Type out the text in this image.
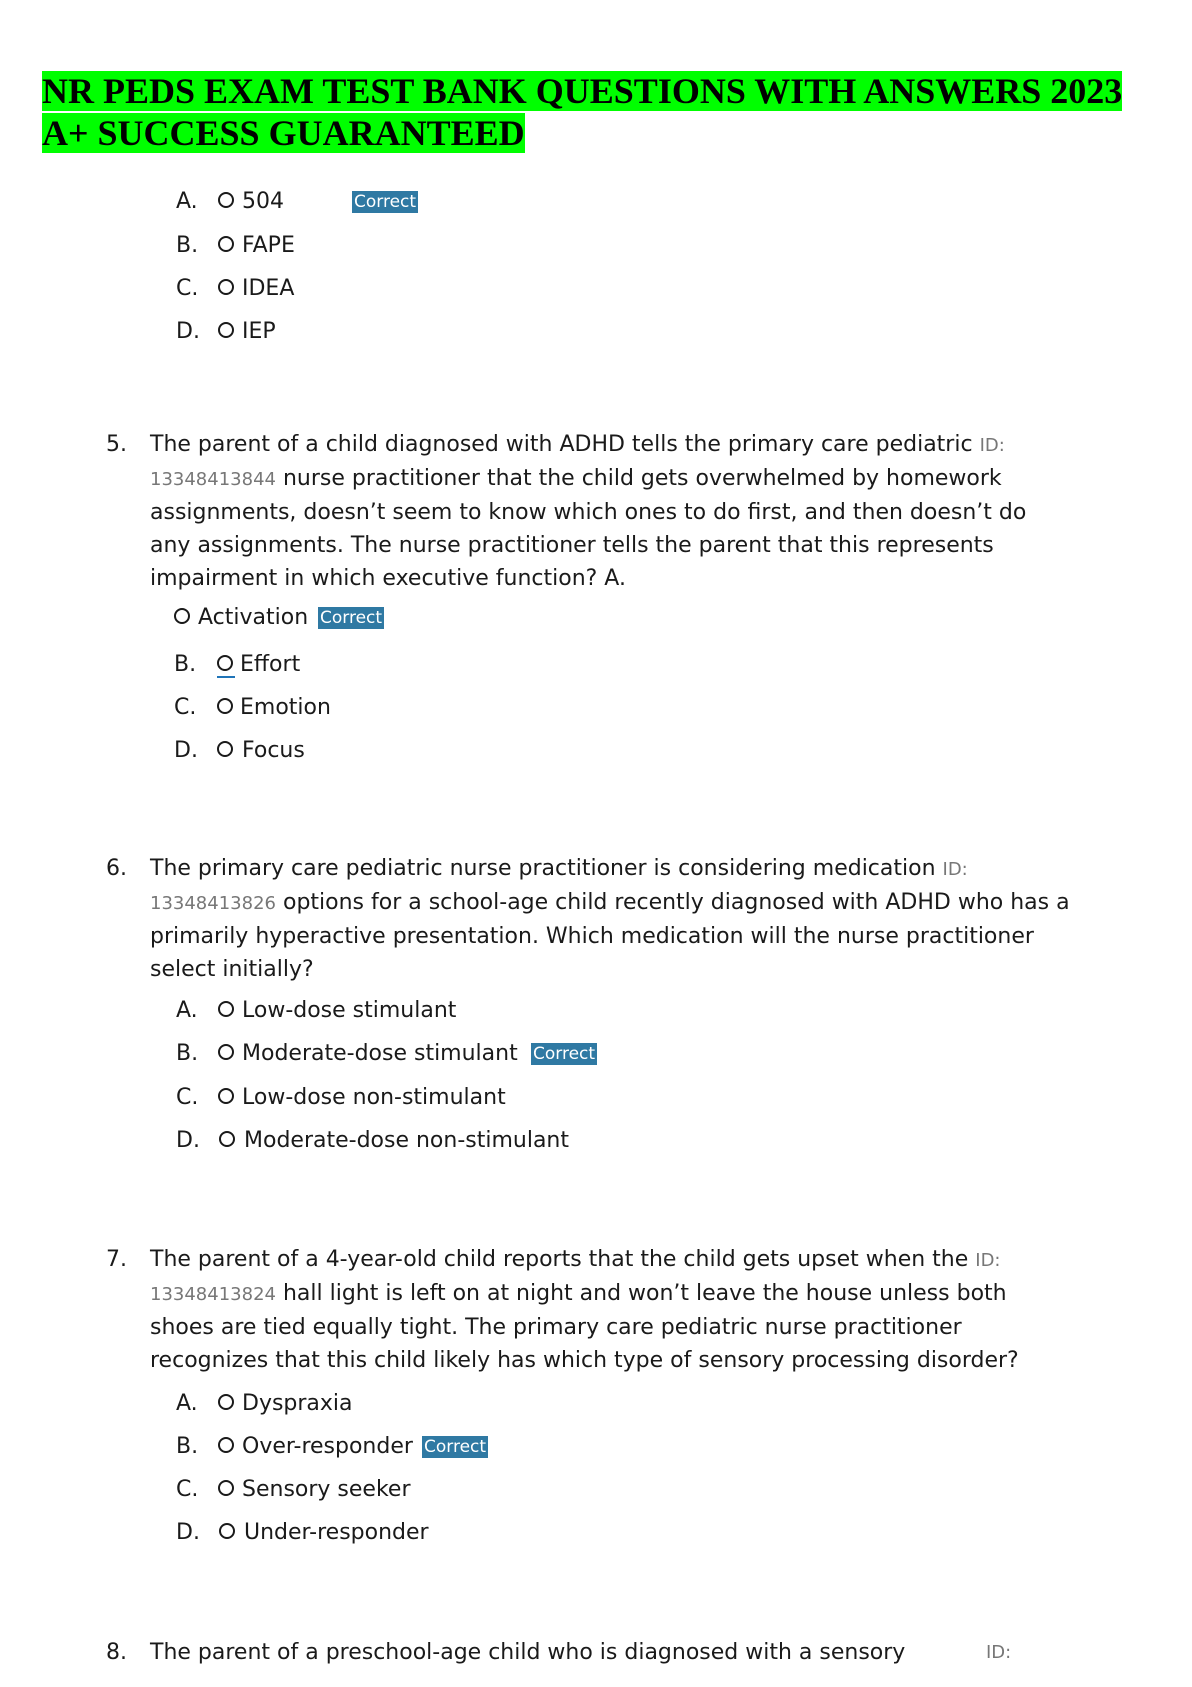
NR PEDS EXAM TEST BANK QUESTIONS WITH ANSWERS 2023
A+ SUCCESS GUARANTEED
A. 504	Correct
B. FAPE
C. IDEA
D. IEP
5. The parent of a child diagnosed with ADHD tells the primary care pediatric ID:
13348413844 nurse practitioner that the child gets overwhelmed by homework assignments, doesn’t seem to know which ones to do first, and then doesn’t do any assignments. The nurse practitioner tells the parent that this represents impairment in which executive function? A.
Activation Correct
B. Effort
C. Emotion
D. Focus
6. The primary care pediatric nurse practitioner is considering medication ID:
13348413826 options for a school-age child recently diagnosed with ADHD who has a primarily hyperactive presentation. Which medication will the nurse practitioner select initially?
A. Low-dose stimulant
B. Moderate-dose stimulant Correct
C. Low-dose non-stimulant
D. Moderate-dose non-stimulant
7. The parent of a 4-year-old child reports that the child gets upset when the ID:
13348413824 hall light is left on at night and won’t leave the house unless both shoes are tied equally tight. The primary care pediatric nurse practitioner recognizes that this child likely has which type of sensory processing disorder?
A. Dyspraxia
B. Over-responder Correct
C. Sensory seeker
D. Under-responder
8. The parent of a preschool-age child who is diagnosed with a sensory	ID:
